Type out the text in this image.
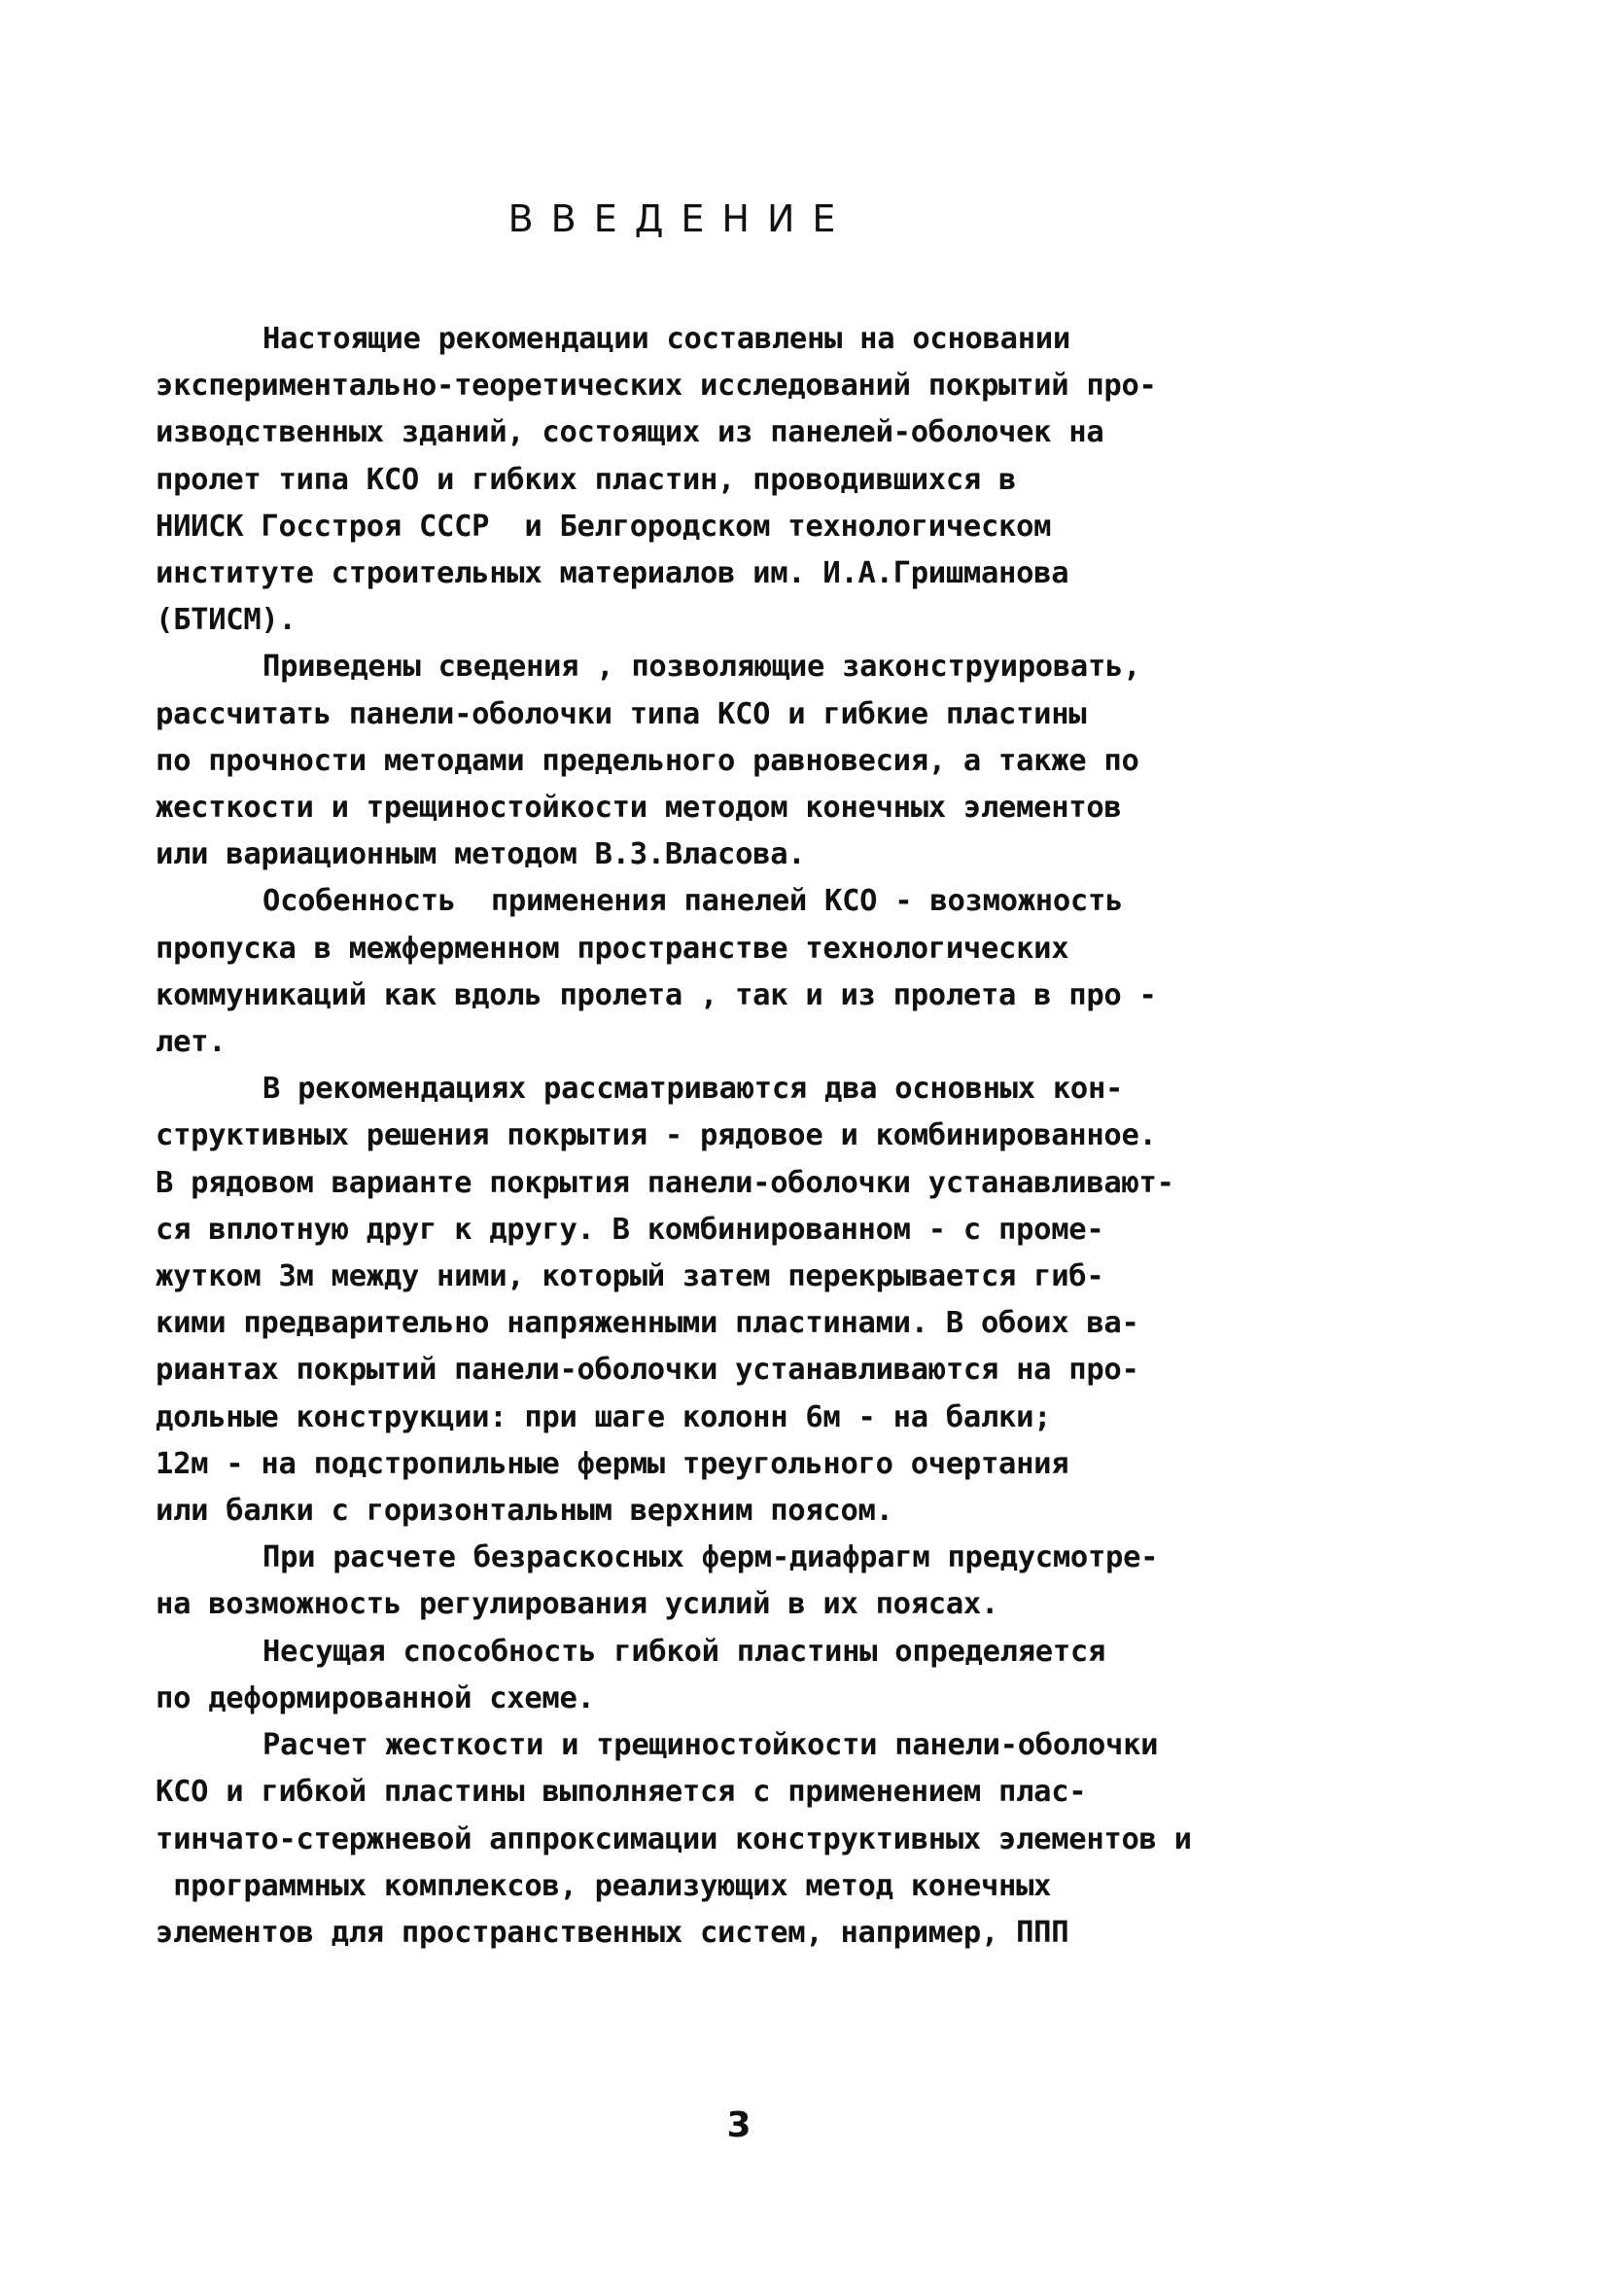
ВВЕДЕНИЕ
Настоящие рекомендации составлены на основании
экспериментально-теоретических исследований покрытий про-
изводственных зданий, состоящих из панелей-оболочек на
пролет типа КСО и гибких пластин, проводившихся в
НИИСК Госстроя СССР  и Белгородском технологическом
институте строительных материалов им. И.А.Гришманова
(БТИСМ).
Приведены сведения , позволяющие законструировать,
рассчитать панели-оболочки типа КСО и гибкие пластины
по прочности методами предельного равновесия, а также по
жесткости и трещиностойкости методом конечных элементов
или вариационным методом В.З.Власова.
Особенность  применения панелей КСО - возможность
пропуска в межферменном пространстве технологических
коммуникаций как вдоль пролета , так и из пролета в про -
лет.
В рекомендациях рассматриваются два основных кон-
структивных решения покрытия - рядовое и комбинированное.
В рядовом варианте покрытия панели-оболочки устанавливают-
ся вплотную друг к другу. В комбинированном - с проме-
жутком 3м между ними, который затем перекрывается гиб-
кими предварительно напряженными пластинами. В обоих ва-
риантах покрытий панели-оболочки устанавливаются на про-
дольные конструкции: при шаге колонн 6м - на балки;
12м - на подстропильные фермы треугольного очертания
или балки с горизонтальным верхним поясом.
При расчете безраскосных ферм-диафрагм предусмотре-
на возможность регулирования усилий в их поясах.
Несущая способность гибкой пластины определяется
по деформированной схеме.
Расчет жесткости и трещиностойкости панели-оболочки
КСО и гибкой пластины выполняется с применением плас-
тинчато-стержневой аппроксимации конструктивных элементов и
программных комплексов, реализующих метод конечных
элементов для пространственных систем, например, ППП
3
